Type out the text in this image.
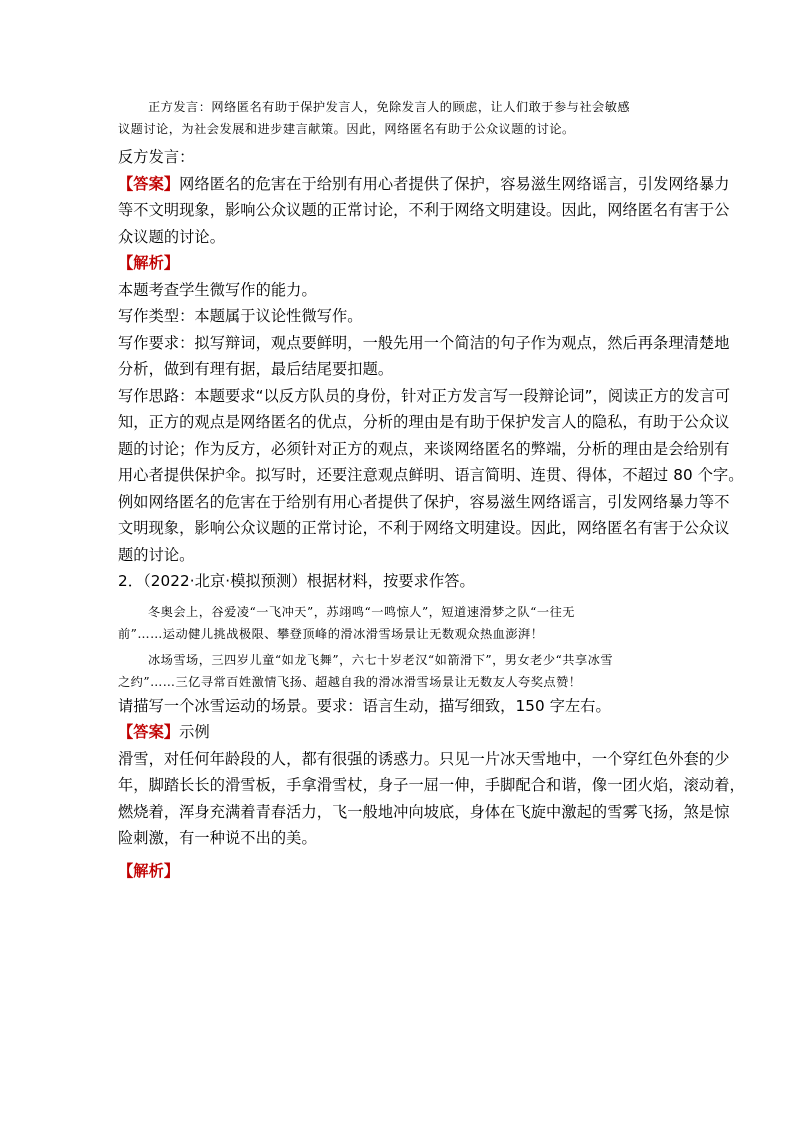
正方发言：网络匿名有助于保护发言人，免除发言人的顾虑，让人们敢于参与社会敏感
议题讨论，为社会发展和进步建言献策。因此，网络匿名有助于公众议题的讨论。
反方发言：
【答案】网络匿名的危害在于给别有用心者提供了保护，容易滋生网络谣言，引发网络暴力
等不文明现象，影响公众议题的正常讨论，不利于网络文明建设。因此，网络匿名有害于公
众议题的讨论。
【解析】
本题考查学生微写作的能力。
写作类型：本题属于议论性微写作。
写作要求：拟写辩词，观点要鲜明，一般先用一个简洁的句子作为观点，然后再条理清楚地
分析，做到有理有据，最后结尾要扣题。
写作思路：本题要求“以反方队员的身份，针对正方发言写一段辩论词”，阅读正方的发言可
知，正方的观点是网络匿名的优点，分析的理由是有助于保护发言人的隐私，有助于公众议
题的讨论；作为反方，必须针对正方的观点，来谈网络匿名的弊端，分析的理由是会给别有
用心者提供保护伞。拟写时，还要注意观点鲜明、语言简明、连贯、得体，不超过 80 个字。
例如网络匿名的危害在于给别有用心者提供了保护，容易滋生网络谣言，引发网络暴力等不
文明现象，影响公众议题的正常讨论，不利于网络文明建设。因此，网络匿名有害于公众议
题的讨论。
2．（2022·北京·模拟预测）根据材料，按要求作答。
冬奥会上，谷爱凌“一飞冲天”，苏翊鸣“一鸣惊人”，短道速滑梦之队“一往无
前”……运动健儿挑战极限、攀登顶峰的滑冰滑雪场景让无数观众热血澎湃！
冰场雪场，三四岁儿童“如龙飞舞”，六七十岁老汉“如箭滑下”，男女老少“共享冰雪
之约”……三亿寻常百姓激情飞扬、超越自我的滑冰滑雪场景让无数友人夸奖点赞！
请描写一个冰雪运动的场景。要求：语言生动，描写细致，150 字左右。
【答案】示例
滑雪，对任何年龄段的人，都有很强的诱惑力。只见一片冰天雪地中，一个穿红色外套的少
年，脚踏长长的滑雪板，手拿滑雪杖，身子一屈一伸，手脚配合和谐，像一团火焰，滚动着，
燃烧着，浑身充满着青春活力，飞一般地冲向坡底，身体在飞旋中激起的雪雾飞扬，煞是惊
险刺激，有一种说不出的美。
【解析】
